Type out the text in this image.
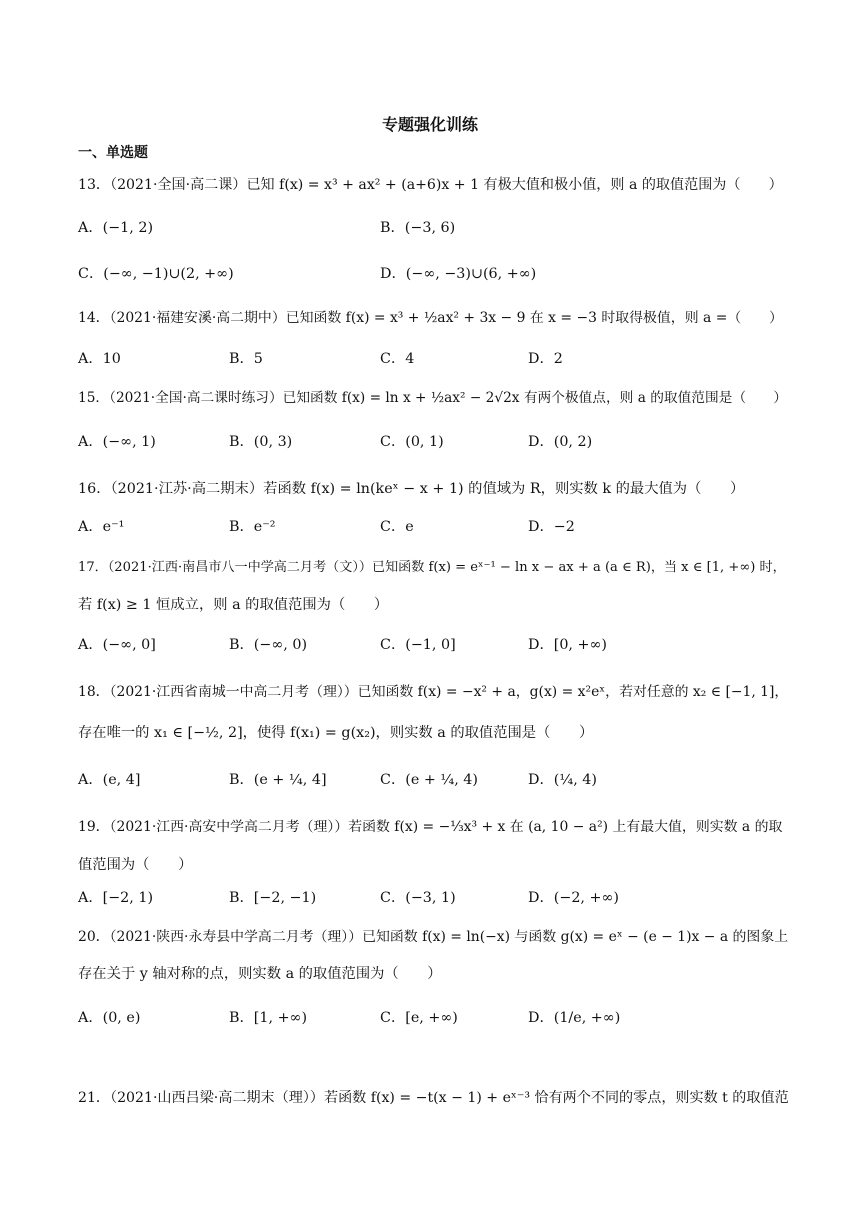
专题强化训练
一、单选题
13．（2021·全国·高二课）已知 f(x) = x³ + ax² + (a+6)x + 1 有极大值和极小值，则 a 的取值范围为（　　）
A．(−1, 2)	B．(−3, 6)
C．(−∞, −1)∪(2, +∞)	D．(−∞, −3)∪(6, +∞)
14．（2021·福建安溪·高二期中）已知函数 f(x) = x³ + ½ax² + 3x − 9 在 x = −3 时取得极值，则 a =（　　）
A．10	B．5	C．4	D．2
15．（2021·全国·高二课时练习）已知函数 f(x) = ln x + ½ax² − 2√2x 有两个极值点，则 a 的取值范围是（　　）
A．(−∞, 1)	B．(0, 3)	C．(0, 1)	D．(0, 2)
16．（2021·江苏·高二期末）若函数 f(x) = ln(keˣ − x + 1) 的值域为 R，则实数 k 的最大值为（　　）
A．e⁻¹	B．e⁻²	C．e	D．−2
17．（2021·江西·南昌市八一中学高二月考（文））已知函数 f(x) = eˣ⁻¹ − ln x − ax + a (a ∈ R)，当 x ∈ [1, +∞) 时，
若 f(x) ≥ 1 恒成立，则 a 的取值范围为（　　）
A．(−∞, 0]	B．(−∞, 0)	C．(−1, 0]	D．[0, +∞)
18．（2021·江西省南城一中高二月考（理））已知函数 f(x) = −x² + a，g(x) = x²eˣ，若对任意的 x₂ ∈ [−1, 1]，
存在唯一的 x₁ ∈ [−½, 2]，使得 f(x₁) = g(x₂)，则实数 a 的取值范围是（　　）
A．(e, 4]	B．(e + ¼, 4]	C．(e + ¼, 4)	D．(¼, 4)
19．（2021·江西·高安中学高二月考（理））若函数 f(x) = −⅓x³ + x 在 (a, 10 − a²) 上有最大值，则实数 a 的取
值范围为（　　）
A．[−2, 1)	B．[−2, −1)	C．(−3, 1)	D．(−2, +∞)
20．（2021·陕西·永寿县中学高二月考（理））已知函数 f(x) = ln(−x) 与函数 g(x) = eˣ − (e − 1)x − a 的图象上
存在关于 y 轴对称的点，则实数 a 的取值范围为（　　）
A．(0, e)	B．[1, +∞)	C．[e, +∞)	D．(1/e, +∞)
21．（2021·山西吕梁·高二期末（理））若函数 f(x) = −t(x − 1) + eˣ⁻³ 恰有两个不同的零点，则实数 t 的取值范
